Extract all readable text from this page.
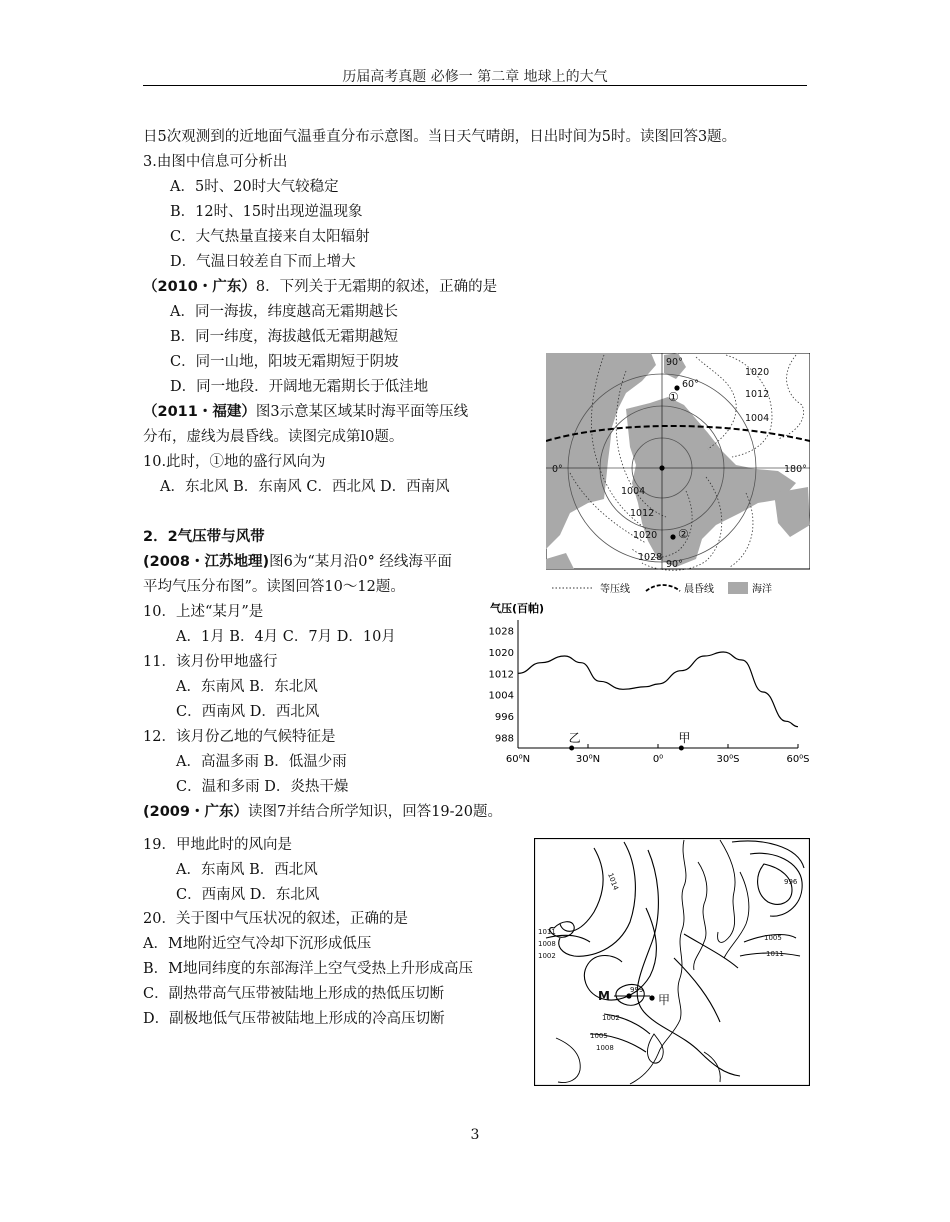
历届高考真题 必修一 第二章 地球上的大气
日5次观测到的近地面气温垂直分布示意图。当日天气晴朗，日出时间为5时。读图回答3题。
3.由图中信息可分析出
A．5时、20时大气较稳定
B．12时、15时出现逆温现象
C．大气热量直接来自太阳辐射
D．气温日较差自下而上增大
（2010・广东）8．下列关于无霜期的叙述，正确的是
A．同一海拔，纬度越高无霜期越长
B．同一纬度，海拔越低无霜期越短
C．同一山地，阳坡无霜期短于阴坡
D．同一地段．开阔地无霜期长于低洼地
（2011・福建）图3示意某区域某时海平面等压线
分布，虚线为晨昏线。读图完成第l0题。
10.此时，①地的盛行风向为
A．东北风 B．东南风 C．西北风 D．西南风
90°
60°
①
1020
1012
1004
0°	180°
1004
1012
1020 ②
1028
90°
等压线	晨昏线	海洋
2．2气压带与风带
(2008・江苏地理)图6为“某月沿0° 经线海平面
平均气压分布图”。读图回答10～12题。
10．上述“某月”是
A．1月 B．4月 C．7月 D．10月
11．该月份甲地盛行
A．东南风 B．东北风
C．西南风 D．西北风
12．该月份乙地的气候特征是
A．高温多雨 B．低温少雨
C．温和多雨 D．炎热干燥
气压(百帕)
1028
1020
1012
1004
996
988
60⁰N	30⁰N	0⁰	30⁰S	60⁰S
乙	甲
(2009・广东）读图7并结合所学知识，回答19-20题。
19．甲地此时的风向是
A．东南风 B．西北风
C．西南风 D．东北风
20．关于图中气压状况的叙述，正确的是
A．M地附近空气冷却下沉形成低压
B．M地同纬度的东部海洋上空气受热上升形成高压
C．副热带高气压带被陆地上形成的热低压切断
D．副极地低气压带被陆地上形成的冷高压切断
M	甲
999
1002
1005
1008
1011
1014	996
1011
1008
1005
1002
3
